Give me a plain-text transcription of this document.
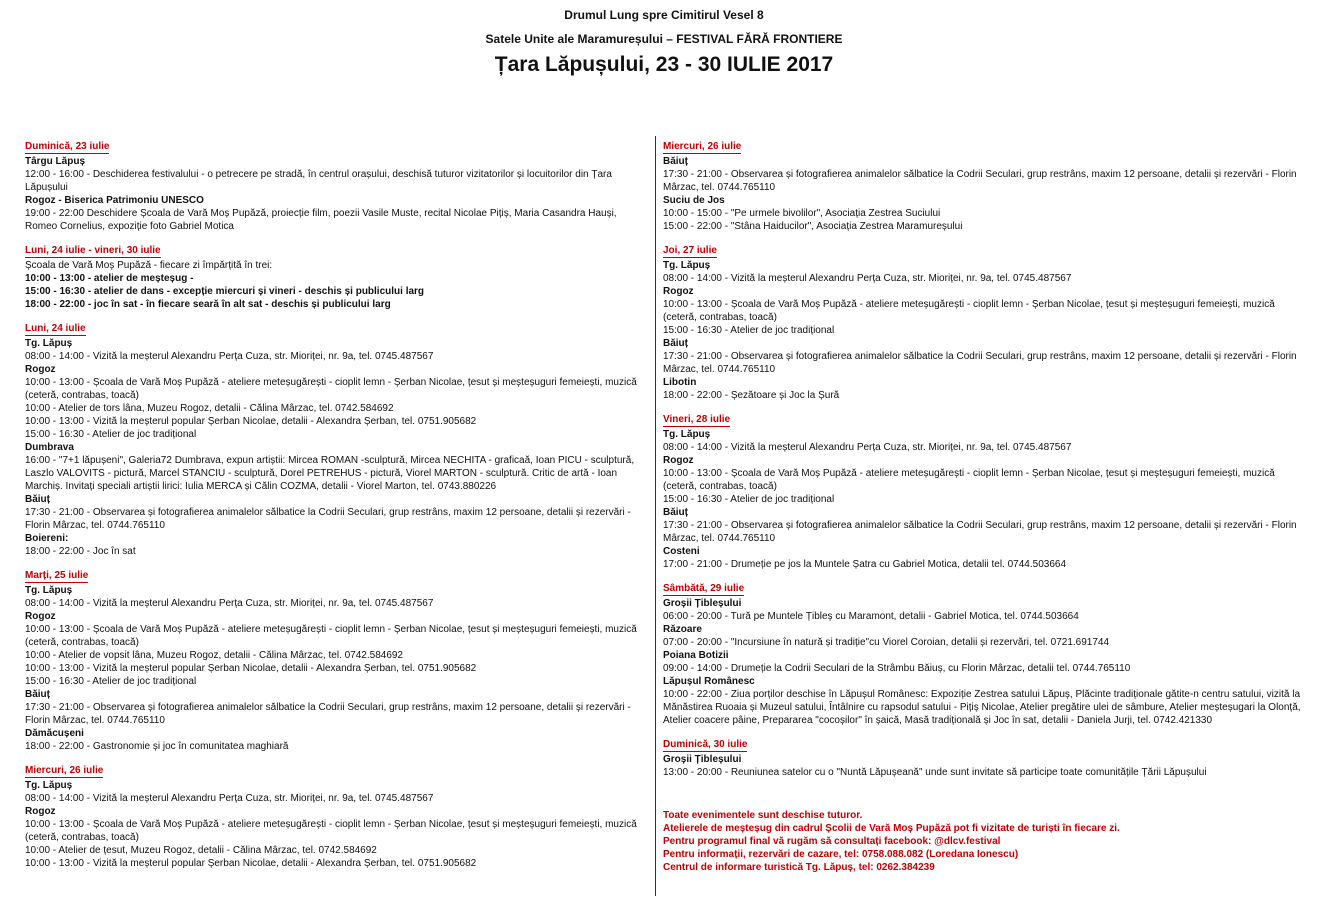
Drumul Lung spre Cimitirul Vesel 8
Satele Unite ale Maramureșului – FESTIVAL FĂRĂ FRONTIERE
Țara Lăpușului, 23 - 30 IULIE 2017
Duminică, 23 iulie
Târgu Lăpuș
12:00 - 16:00 - Deschiderea festivalului - o petrecere pe stradă, în centrul orașului, deschisă tuturor vizitatorilor și locuitorilor din Țara Lăpușului
Rogoz - Biserica Patrimoniu UNESCO
19:00 - 22:00 Deschidere Școala de Vară Moș Pupăză, proiecție film, poezii Vasile Muste, recital Nicolae Pițiș, Maria Casandra Hauși, Romeo Cornelius, expoziție foto Gabriel Motica
Luni, 24 iulie - vineri, 30 iulie
Școala de Vară Moș Pupăză - fiecare zi împărțită în trei:
10:00 - 13:00 - atelier de meșteșug -
15:00 - 16:30 - atelier de dans - excepție miercuri și vineri - deschis și publicului larg
18:00 - 22:00 - joc în sat - în fiecare seară în alt sat - deschis și publicului larg
Luni, 24 iulie
Tg. Lăpuș
08:00 - 14:00 - Vizită la meșterul Alexandru Perța Cuza, str. Mioriței, nr. 9a, tel. 0745.487567
Rogoz
10:00 - 13:00 - Școala de Vară Moș Pupăză - ateliere meteșugărești - cioplit lemn - Șerban Nicolae, țesut și meșteșuguri femeiești, muzică (ceteră, contrabas, toacă)
10:00 - Atelier de tors lâna, Muzeu Rogoz, detalii - Călina Mârzac, tel. 0742.584692
10:00 - 13:00 - Vizită la meșterul popular Șerban Nicolae, detalii - Alexandra Șerban, tel. 0751.905682
15:00 - 16:30 - Atelier de joc tradițional
Dumbrava
16:00 - "7+1 lăpușeni", Galeria72 Dumbrava, expun artiștii: Mircea ROMAN -sculptură, Mircea NECHITA - graficaă, Ioan PICU - sculptură, Laszlo VALOVITS - pictură, Marcel STANCIU - sculptură, Dorel PETREHUS - pictură, Viorel MARTON - sculptură. Critic de artă - Ioan Marchiș. Invitați speciali artiștii lirici: Iulia MERCA și Călin COZMA, detalii - Viorel Marton, tel. 0743.880226
Băiuț
17:30 - 21:00 - Observarea și fotografierea animalelor sălbatice la Codrii Seculari, grup restrâns, maxim 12 persoane, detalii și rezervări - Florin Mârzac, tel. 0744.765110
Boiereni:
18:00 - 22:00 - Joc în sat
Marți, 25 iulie
Tg. Lăpuș
08:00 - 14:00 - Vizită la meșterul Alexandru Perța Cuza, str. Mioriței, nr. 9a, tel. 0745.487567
Rogoz
10:00 - 13:00 - Școala de Vară Moș Pupăză - ateliere meteșugărești - cioplit lemn - Șerban Nicolae, țesut și meșteșuguri femeiești, muzică (ceteră, contrabas, toacă)
10:00 - Atelier de vopsit lâna, Muzeu Rogoz, detalii - Călina Mârzac, tel. 0742.584692
10:00 - 13:00 - Vizită la meșterul popular Șerban Nicolae, detalii - Alexandra Șerban, tel. 0751.905682
15:00 - 16:30 - Atelier de joc tradițional
Băiuț
17:30 - 21:00 - Observarea și fotografierea animalelor sălbatice la Codrii Seculari, grup restrâns, maxim 12 persoane, detalii și rezervări - Florin Mârzac, tel. 0744.765110
Dămăcușeni
18:00 - 22:00 - Gastronomie și joc în comunitatea maghiară
Miercuri, 26 iulie
Tg. Lăpuș
08:00 - 14:00 - Vizită la meșterul Alexandru Perța Cuza, str. Mioriței, nr. 9a, tel. 0745.487567
Rogoz
10:00 - 13:00 - Școala de Vară Moș Pupăză - ateliere meteșugărești - cioplit lemn - Șerban Nicolae, țesut și meșteșuguri femeiești, muzică (ceteră, contrabas, toacă)
10:00 - Atelier de țesut, Muzeu Rogoz, detalii - Călina Mârzac, tel. 0742.584692
10:00 - 13:00 - Vizită la meșterul popular Șerban Nicolae, detalii - Alexandra Șerban, tel. 0751.905682
Miercuri, 26 iulie
Băiuț
17:30 - 21:00 - Observarea și fotografierea animalelor sălbatice la Codrii Seculari, grup restrâns, maxim 12 persoane, detalii și rezervări - Florin Mârzac, tel. 0744.765110
Suciu de Jos
10:00 - 15:00 - "Pe urmele bivolilor", Asociația Zestrea Suciului
15:00 - 22:00 - "Stâna Haiducilor", Asociația Zestrea Maramureșului
Joi, 27 iulie
Tg. Lăpuș
08:00 - 14:00 - Vizită la meșterul Alexandru Perța Cuza, str. Mioriței, nr. 9a, tel. 0745.487567
Rogoz
10:00 - 13:00 - Școala de Vară Moș Pupăză - ateliere meteșugărești - cioplit lemn - Șerban Nicolae, țesut și meșteșuguri femeiești, muzică (ceteră, contrabas, toacă)
15:00 - 16:30 - Atelier de joc tradițional
Băiuț
17:30 - 21:00 - Observarea și fotografierea animalelor sălbatice la Codrii Seculari, grup restrâns, maxim 12 persoane, detalii și rezervări - Florin Mârzac, tel. 0744.765110
Libotin
18:00 - 22:00 - Șezătoare și Joc la Șură
Vineri, 28 iulie
Tg. Lăpuș
08:00 - 14:00 - Vizită la meșterul Alexandru Perța Cuza, str. Mioriței, nr. 9a, tel. 0745.487567
Rogoz
10:00 - 13:00 - Școala de Vară Moș Pupăză - ateliere meteșugărești - cioplit lemn - Șerban Nicolae, țesut și meșteșuguri femeiești, muzică (ceteră, contrabas, toacă)
15:00 - 16:30 - Atelier de joc tradițional
Băiuț
17:30 - 21:00 - Observarea și fotografierea animalelor sălbatice la Codrii Seculari, grup restrâns, maxim 12 persoane, detalii și rezervări - Florin Mârzac, tel. 0744.765110
Costeni
17:00 - 21:00 - Drumeție pe jos la Muntele Șatra cu Gabriel Motica, detalii tel. 0744.503664
Sâmbătă, 29 iulie
Groșii Țibleșului
06:00 - 20:00 - Tură pe Muntele Țibleș cu Maramont, detalii - Gabriel Motica, tel. 0744.503664
Răzoare
07:00 - 20:00 - "Incursiune în natură și tradiție"cu Viorel Coroian, detalii și rezervări, tel. 0721.691744
Poiana Botizii
09:00 - 14:00 - Drumeție la Codrii Seculari de la Strâmbu Băiuș, cu Florin Mârzac, detalii tel. 0744.765110
Lăpușul Românesc
10:00 - 22:00 - Ziua porților deschise în Lăpușul Românesc: Expoziție Zestrea satului Lăpuș, Plăcinte tradiționale gătite-n centru satului, vizită la Mănăstirea Ruoaia și Muzeul satului, Întâlnire cu rapsodul satului - Pițiș Nicolae, Atelier pregătire ulei de sâmbure, Atelier meșteșugari la Olonță, Atelier coacere pâine, Prepararea "cocoșilor" în șaică, Masă tradițională și Joc în sat, detalii - Daniela Jurji, tel. 0742.421330
Duminică, 30 iulie
Groșii Țibleșului
13:00 - 20:00 - Reuniunea satelor cu o "Nuntă Lăpușeană" unde sunt invitate să participe toate comunitățile Țării Lăpușului
Toate evenimentele sunt deschise tuturor.
Atelierele de meșteșug din cadrul Școlii de Vară Moș Pupăză pot fi vizitate de turiști în fiecare zi.
Pentru programul final vă rugăm să consultați facebook: @dlcv.festival
Pentru informații, rezervări de cazare, tel: 0758.088.082 (Loredana Ionescu)
Centrul de informare turistică Tg. Lăpuș, tel: 0262.384239
